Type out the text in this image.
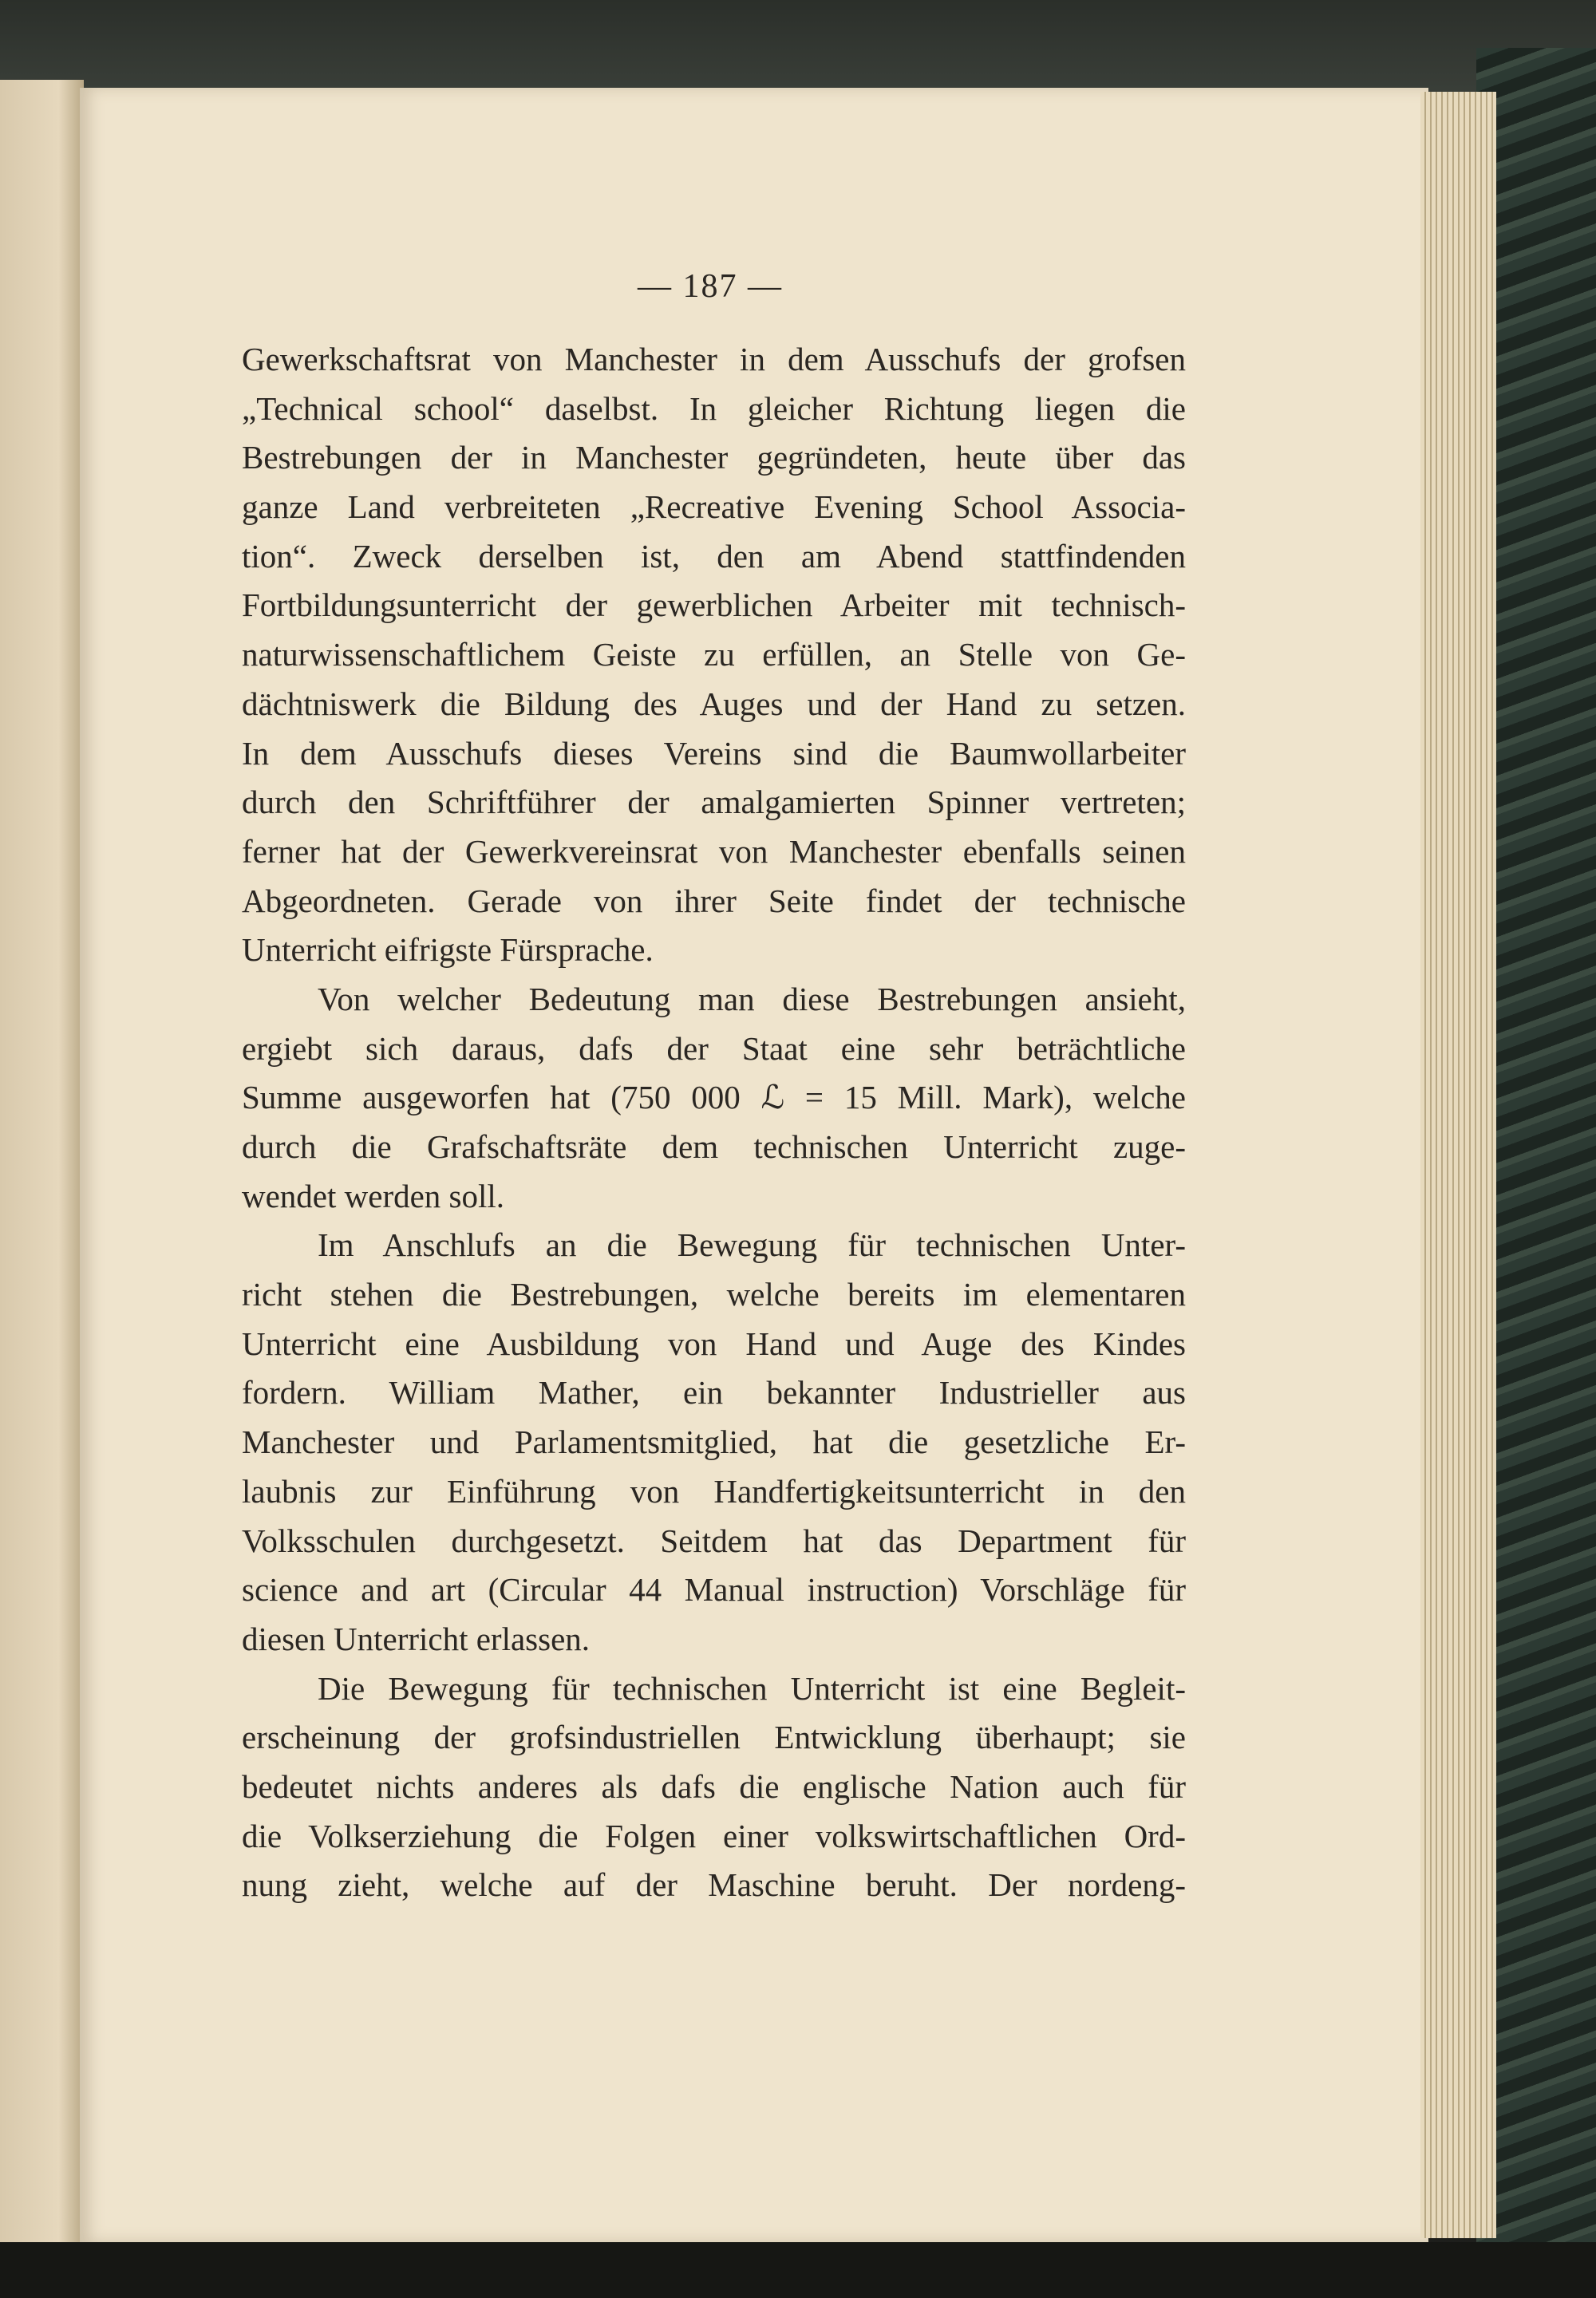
— 187 —
Gewerkschaftsrat von Manchester in dem Ausschufs der grofsen
„Technical school“ daselbst. In gleicher Richtung liegen die
Bestrebungen der in Manchester gegründeten, heute über das
ganze Land verbreiteten „Recreative Evening School Associa-
tion“. Zweck derselben ist, den am Abend stattfindenden
Fortbildungsunterricht der gewerblichen Arbeiter mit technisch-
naturwissenschaftlichem Geiste zu erfüllen, an Stelle von Ge-
dächtniswerk die Bildung des Auges und der Hand zu setzen.
In dem Ausschufs dieses Vereins sind die Baumwollarbeiter
durch den Schriftführer der amalgamierten Spinner vertreten;
ferner hat der Gewerkvereinsrat von Manchester ebenfalls seinen
Abgeordneten. Gerade von ihrer Seite findet der technische
Unterricht eifrigste Fürsprache.
Von welcher Bedeutung man diese Bestrebungen ansieht,
ergiebt sich daraus, dafs der Staat eine sehr beträchtliche
Summe ausgeworfen hat (750 000 ℒ = 15 Mill. Mark), welche
durch die Grafschaftsräte dem technischen Unterricht zuge-
wendet werden soll.
Im Anschlufs an die Bewegung für technischen Unter-
richt stehen die Bestrebungen, welche bereits im elementaren
Unterricht eine Ausbildung von Hand und Auge des Kindes
fordern. William Mather, ein bekannter Industrieller aus
Manchester und Parlamentsmitglied, hat die gesetzliche Er-
laubnis zur Einführung von Handfertigkeitsunterricht in den
Volksschulen durchgesetzt. Seitdem hat das Department für
science and art (Circular 44 Manual instruction) Vorschläge für
diesen Unterricht erlassen.
Die Bewegung für technischen Unterricht ist eine Begleit-
erscheinung der grofsindustriellen Entwicklung überhaupt; sie
bedeutet nichts anderes als dafs die englische Nation auch für
die Volkserziehung die Folgen einer volkswirtschaftlichen Ord-
nung zieht, welche auf der Maschine beruht. Der nordeng-
